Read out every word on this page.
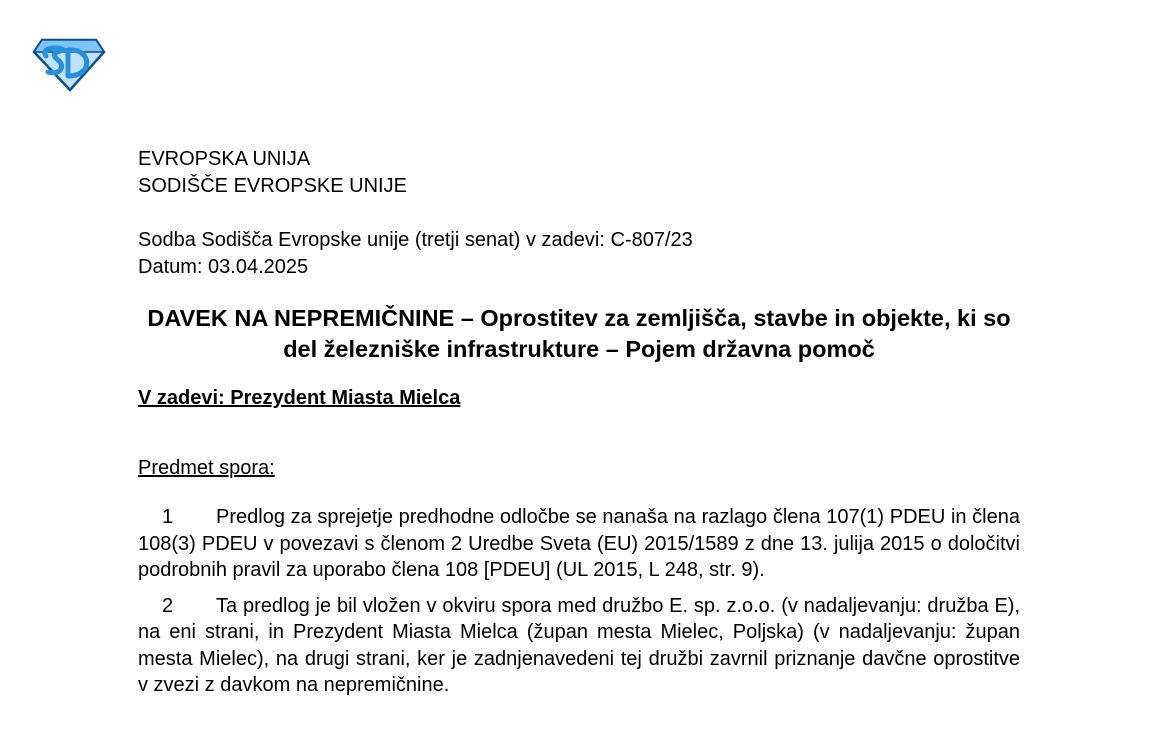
EVROPSKA UNIJA
SODIŠČE EVROPSKE UNIJE
Sodba Sodišča Evropske unije (tretji senat) v zadevi: C-807/23
Datum: 03.04.2025
DAVEK NA NEPREMIČNINE – Oprostitev za zemljišča, stavbe in objekte, ki so del železniške infrastrukture – Pojem državna pomoč
V zadevi: Prezydent Miasta Mielca
Predmet spora:
1 Predlog za sprejetje predhodne odločbe se nanaša na razlago člena 107(1) PDEU in člena 108(3) PDEU v povezavi s členom 2 Uredbe Sveta (EU) 2015/1589 z dne 13. julija 2015 o določitvi podrobnih pravil za uporabo člena 108 [PDEU] (UL 2015, L 248, str. 9).
2 Ta predlog je bil vložen v okviru spora med družbo E. sp. z.o.o. (v nadaljevanju: družba E), na eni strani, in Prezydent Miasta Mielca (župan mesta Mielec, Poljska) (v nadaljevanju: župan mesta Mielec), na drugi strani, ker je zadnjenavedeni tej družbi zavrnil priznanje davčne oprostitve v zvezi z davkom na nepremičnine.
